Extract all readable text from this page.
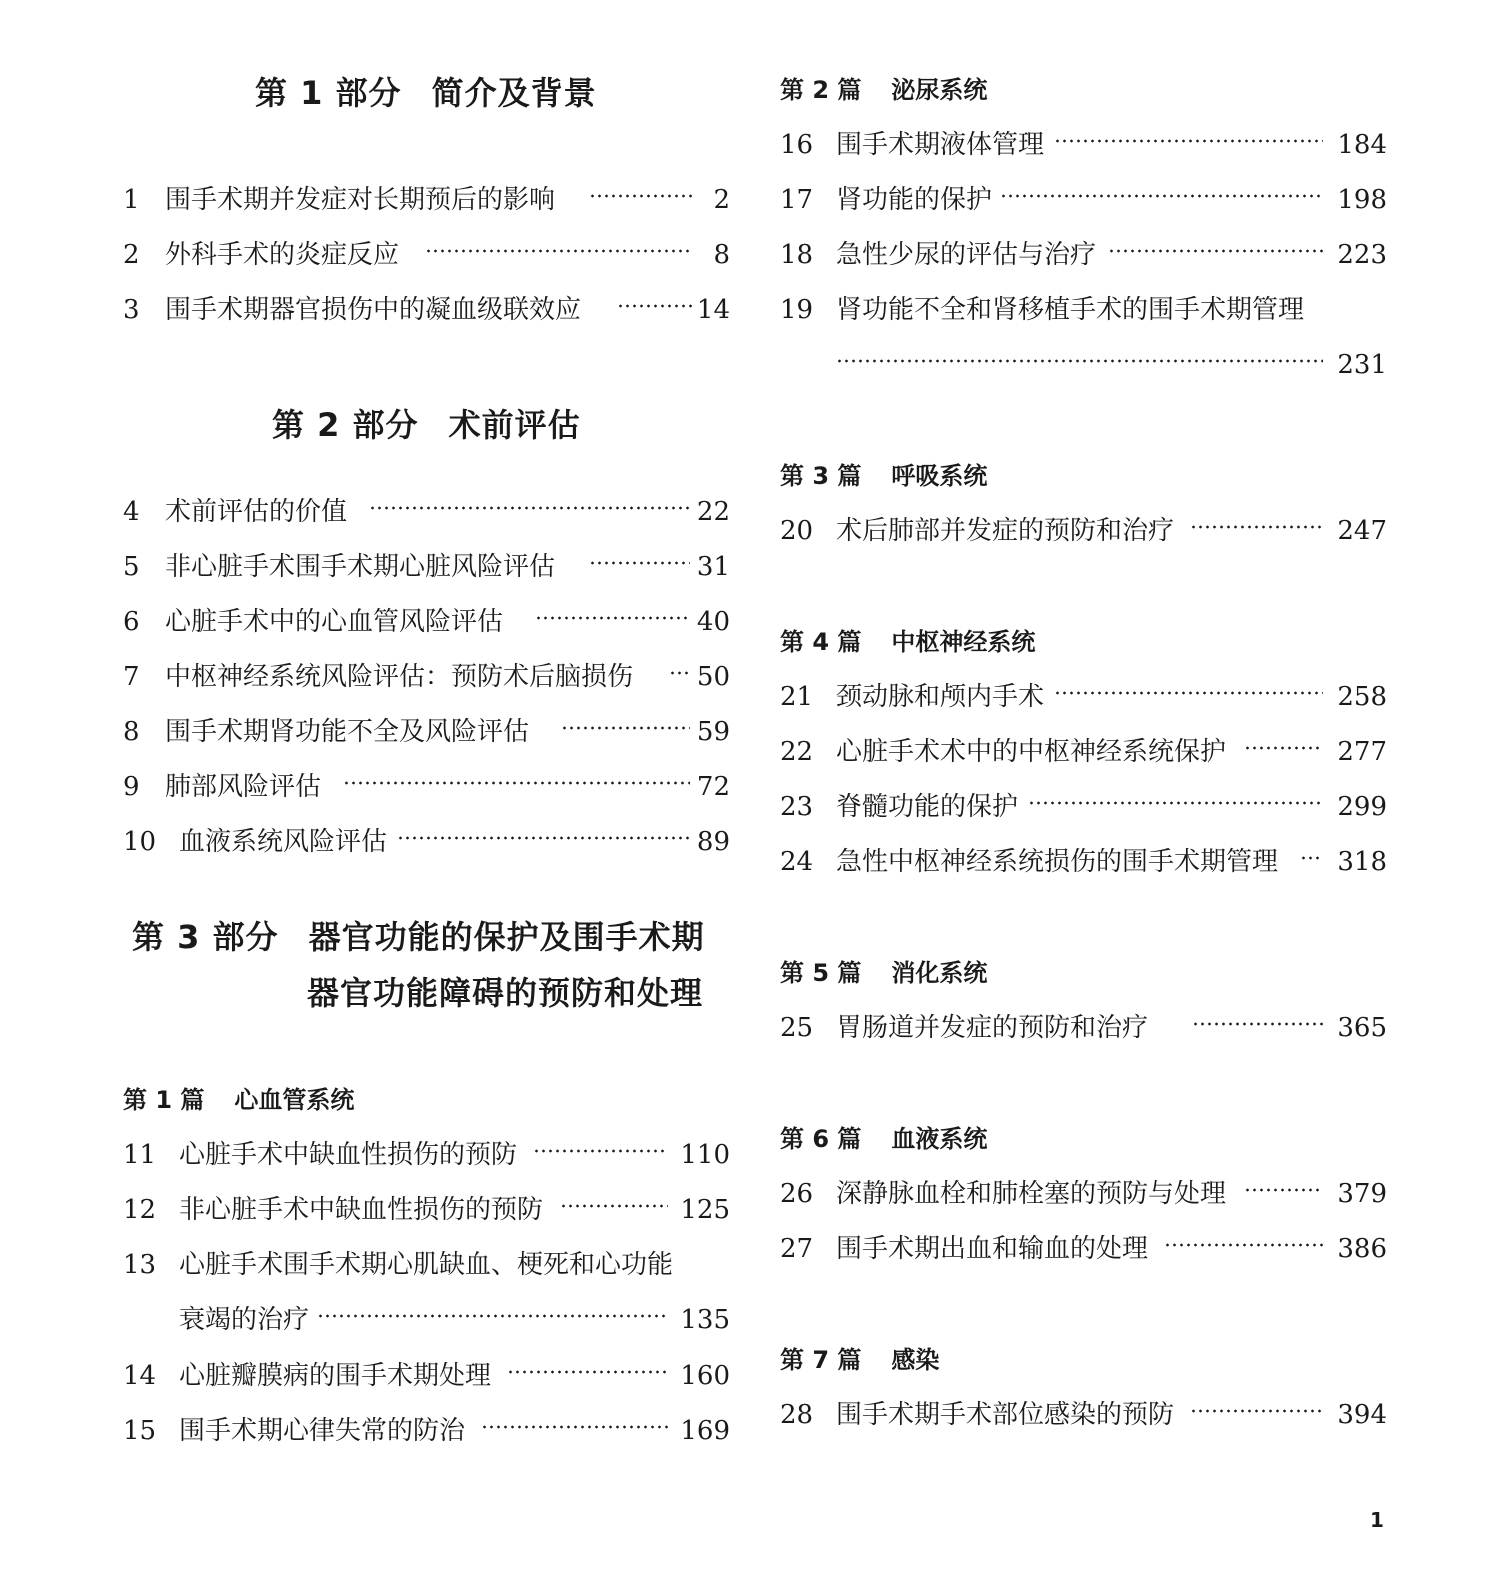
第 1 部分 简介及背景
1 围手术期并发症对长期预后的影响	2
2 外科手术的炎症反应	8
3 围手术期器官损伤中的凝血级联效应	14
第 2 部分 术前评估
4 术前评估的价值	22
5 非心脏手术围手术期心脏风险评估	31
6 心脏手术中的心血管风险评估	40
7 中枢神经系统风险评估：预防术后脑损伤 50
8 围手术期肾功能不全及风险评估	59
9 肺部风险评估	72
10 血液系统风险评估	89
第 3 部分 器官功能的保护及围手术期
器官功能障碍的预防和处理
第 1 篇 心血管系统
11 心脏手术中缺血性损伤的预防	110
12 非心脏手术中缺血性损伤的预防	125
13 心脏手术围手术期心肌缺血、梗死和心功能
衰竭的治疗	135
14 心脏瓣膜病的围手术期处理	160
15 围手术期心律失常的防治	169
第 2 篇 泌尿系统
16 围手术期液体管理	184
17 肾功能的保护	198
18 急性少尿的评估与治疗	223
19 肾功能不全和肾移植手术的围手术期管理
231
第 3 篇 呼吸系统
20 术后肺部并发症的预防和治疗	247
第 4 篇 中枢神经系统
21 颈动脉和颅内手术	258
22 心脏手术术中的中枢神经系统保护	277
23 脊髓功能的保护	299
24 急性中枢神经系统损伤的围手术期管理 318
第 5 篇 消化系统
25 胃肠道并发症的预防和治疗	365
第 6 篇 血液系统
26 深静脉血栓和肺栓塞的预防与处理	379
27 围手术期出血和输血的处理	386
第 7 篇 感染
28 围手术期手术部位感染的预防	394
1
